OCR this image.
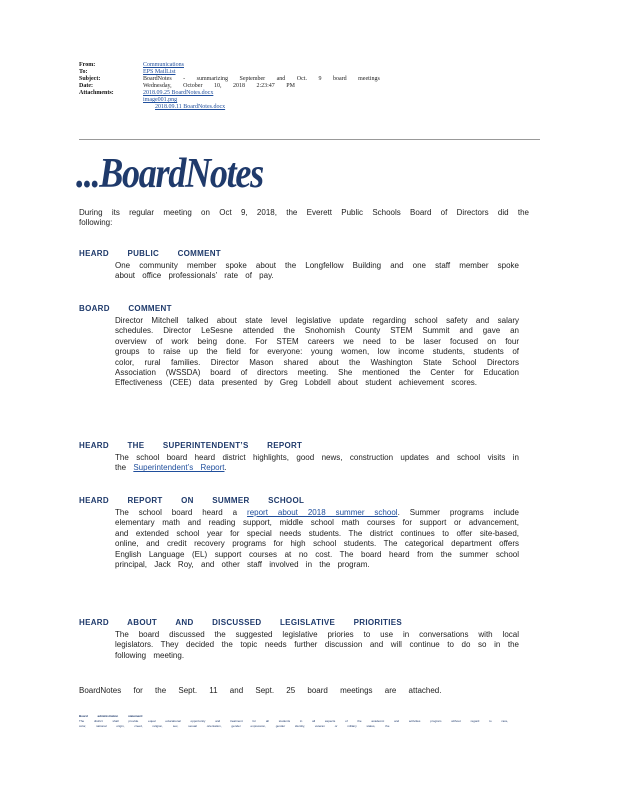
From:	Communications
To:	EPS MailList
Subject:	BoardNotes - summarizing September and Oct. 9 board meetings
Date:	Wednesday, October 10, 2018 2:23:47 PM
Attachments:	2018.09.25 BoardNotes.docx
image001.png
2018.09.11 BoardNotes.docx
...BoardNotes
During its regular meeting on Oct 9, 2018, the Everett Public Schools Board of Directors did the following:
HEARD PUBLIC COMMENT
One community member spoke about the Longfellow Building and one staff member spoke about office professionals’ rate of pay.
BOARD COMMENT
Director Mitchell talked about state level legislative update regarding school safety and salary schedules. Director LeSesne attended the Snohomish County STEM Summit and gave an overview of work being done. For STEM careers we need to be laser focused on four groups to raise up the field for everyone: young women, low income students, students of color, rural families. Director Mason shared about the Washington State School Directors Association (WSSDA) board of directors meeting. She mentioned the Center for Education Effectiveness (CEE) data presented by Greg Lobdell about student achievement scores.
HEARD THE SUPERINTENDENT’S REPORT
The school board heard district highlights, good news, construction updates and school visits in the Superintendent’s Report.
HEARD REPORT ON SUMMER SCHOOL
The school board heard a report about 2018 summer school. Summer programs include elementary math and reading support, middle school math courses for support or advancement, and extended school year for special needs students. The district continues to offer site-based, online, and credit recovery programs for high school students. The categorical department offers English Language (EL) support courses at no cost. The board heard from the summer school principal, Jack Roy, and other staff involved in the program.
HEARD ABOUT AND DISCUSSED LEGISLATIVE PRIORITIES
The board discussed the suggested legislative priories to use in conversations with local legislators. They decided the topic needs further discussion and will continue to do so in the following meeting.
BoardNotes for the Sept. 11 and Sept. 25 board meetings are attached.
Board administration statement:
The district shall provide equal educational opportunity and treatment for all students in all aspects of the academic and activities program without regard to race, color, national origin, creed, religion, sex, sexual orientation, gender expression, gender identity, veteran or military status, the
